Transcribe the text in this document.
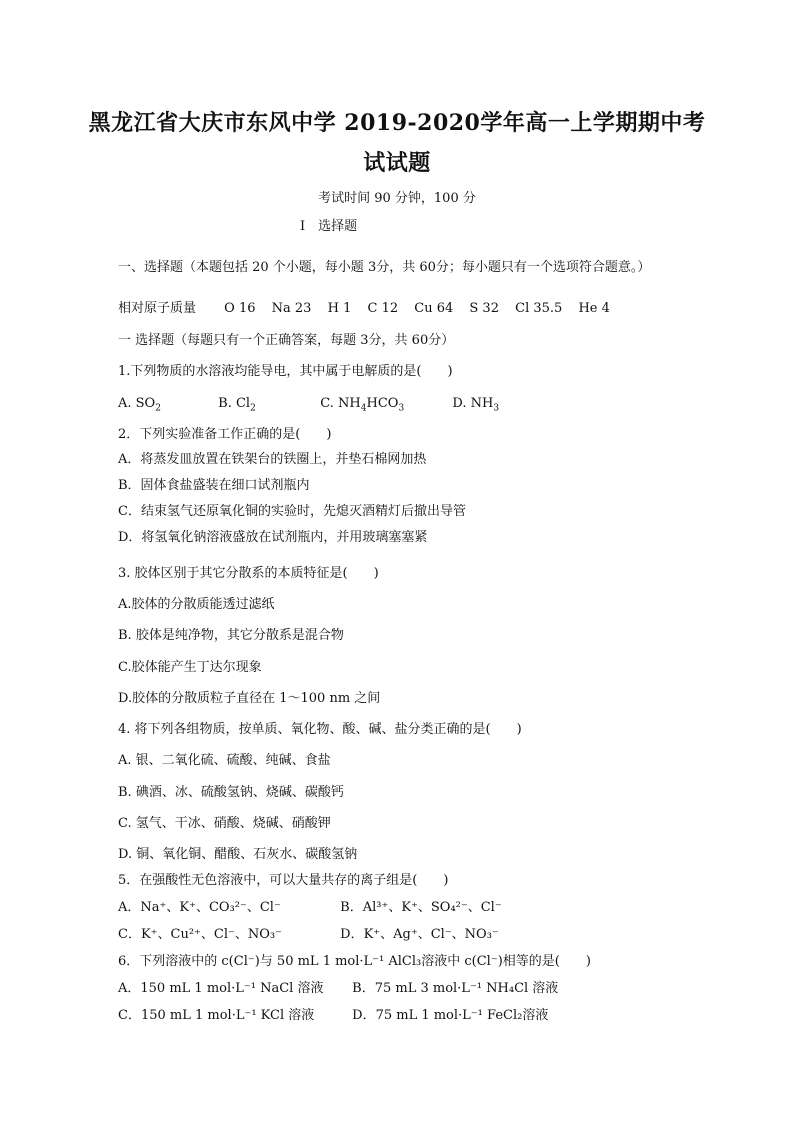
黑龙江省大庆市东风中学 2019-2020学年高一上学期期中考
试试题
考试时间 90 分钟，100 分
I　选择题
一、选择题（本题包括 20 个小题，每小题 3分，共 60分；每小题只有一个选项符合题意。）
相对原子质量 O 16 Na 23 H 1 C 12 Cu 64 S 32 Cl 35.5 He 4
一 选择题（每题只有一个正确答案，每题 3分，共 60分）
1.下列物质的水溶液均能导电，其中属于电解质的是(　　)
A. $SO_2$	B. $Cl_2$	C. $NH_4HCO_3$	D. $NH_3$
2．下列实验准备工作正确的是(　　)
A．将蒸发皿放置在铁架台的铁圈上，并垫石棉网加热
B．固体食盐盛装在细口试剂瓶内
C．结束氢气还原氧化铜的实验时，先熄灭酒精灯后撤出导管
D．将氢氧化钠溶液盛放在试剂瓶内，并用玻璃塞塞紧
3. 胶体区别于其它分散系的本质特征是(　　)
A.胶体的分散质能透过滤纸
B. 胶体是纯净物，其它分散系是混合物
C.胶体能产生丁达尔现象
D.胶体的分散质粒子直径在 1～100 nm 之间
4. 将下列各组物质，按单质、氧化物、酸、碱、盐分类正确的是(　　)
A. 银、二氧化硫、硫酸、纯碱、食盐
B. 碘酒、冰、硫酸氢钠、烧碱、碳酸钙
C. 氢气、干冰、硝酸、烧碱、硝酸钾
D. 铜、氧化铜、醋酸、石灰水、碳酸氢钠
5．在强酸性无色溶液中，可以大量共存的离子组是(　　)
A．Na⁺、K⁺、CO₃²⁻、Cl⁻	B．Al³⁺、K⁺、SO₄²⁻、Cl⁻
C．K⁺、Cu²⁺、Cl⁻、NO₃⁻	D．K⁺、Ag⁺、Cl⁻、NO₃⁻
6．下列溶液中的 c(Cl⁻)与 50 mL 1 mol·L⁻¹ AlCl₃溶液中 c(Cl⁻)相等的是(　　)
A．150 mL 1 mol·L⁻¹ NaCl 溶液 B．75 mL 3 mol·L⁻¹ NH₄Cl 溶液
C．150 mL 1 mol·L⁻¹ KCl 溶液	D．75 mL 1 mol·L⁻¹ FeCl₂溶液
